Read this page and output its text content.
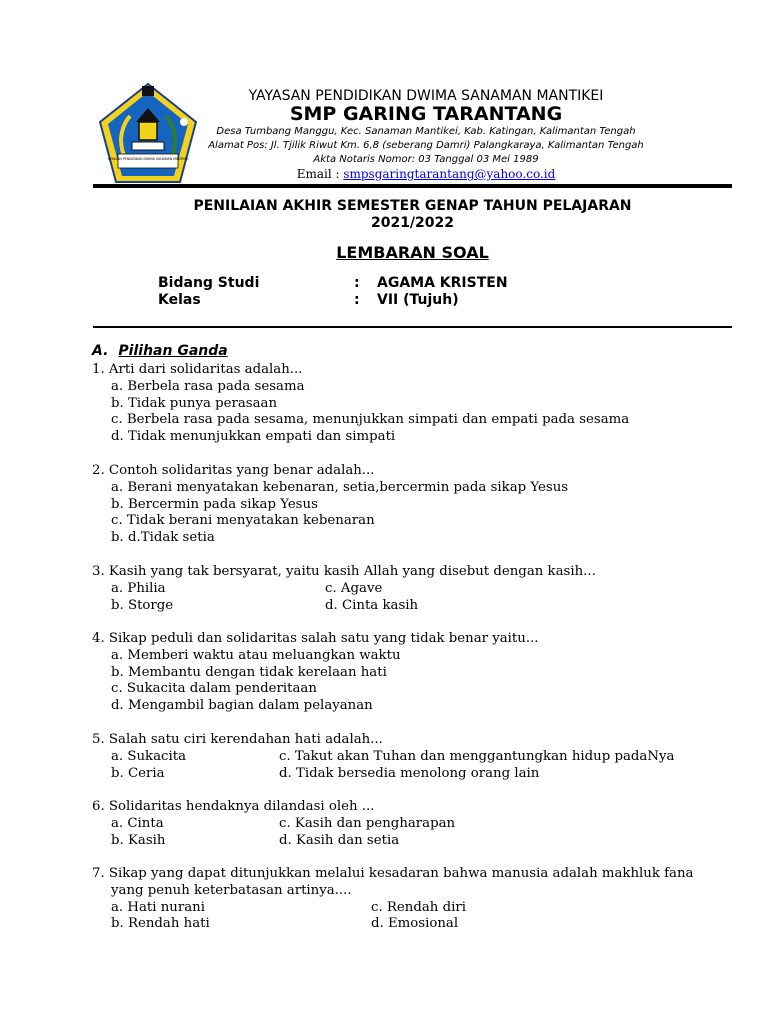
YAYASAN PENDIDIKAN DWIMA SANAMAN MANTIKEI
YAYASAN PENDIDIKAN DWIMA SANAMAN MANTIKEI
SMP GARING TARANTANG
Desa Tumbang Manggu, Kec. Sanaman Mantikei, Kab. Katingan, Kalimantan Tengah
Alamat Pos: Jl. Tjilik Riwut Km. 6,8 (seberang Damri) Palangkaraya, Kalimantan Tengah
Akta Notaris Nomor: 03 Tanggal 03 Mei 1989
Email : smpsgaringtarantang@yahoo.co.id
PENILAIAN AKHIR SEMESTER GENAP TAHUN PELAJARAN
2021/2022
LEMBARAN SOAL
Bidang Studi	: AGAMA KRISTEN
Kelas	: VII (Tujuh)
A. Pilihan Ganda
1. Arti dari solidaritas adalah...
a. Berbela rasa pada sesama
b. Tidak punya perasaan
c. Berbela rasa pada sesama, menunjukkan simpati dan empati pada sesama
d. Tidak menunjukkan empati dan simpati
2. Contoh solidaritas yang benar adalah...
a. Berani menyatakan kebenaran, setia,bercermin pada sikap Yesus
b. Bercermin pada sikap Yesus
c. Tidak berani menyatakan kebenaran
b. d.Tidak setia
3. Kasih yang tak bersyarat, yaitu kasih Allah yang disebut dengan kasih...
a. Philia	c. Agave
b. Storge	d. Cinta kasih
4. Sikap peduli dan solidaritas salah satu yang tidak benar yaitu...
a. Memberi waktu atau meluangkan waktu
b. Membantu dengan tidak kerelaan hati
c. Sukacita dalam penderitaan
d. Mengambil bagian dalam pelayanan
5. Salah satu ciri kerendahan hati adalah...
a. Sukacita	c. Takut akan Tuhan dan menggantungkan hidup padaNya
b. Ceria	d. Tidak bersedia menolong orang lain
6. Solidaritas hendaknya dilandasi oleh ...
a. Cinta	c. Kasih dan pengharapan
b. Kasih	d. Kasih dan setia
7. Sikap yang dapat ditunjukkan melalui kesadaran bahwa manusia adalah makhluk fana
yang penuh keterbatasan artinya....
a. Hati nurani	c. Rendah diri
b. Rendah hati	d. Emosional
